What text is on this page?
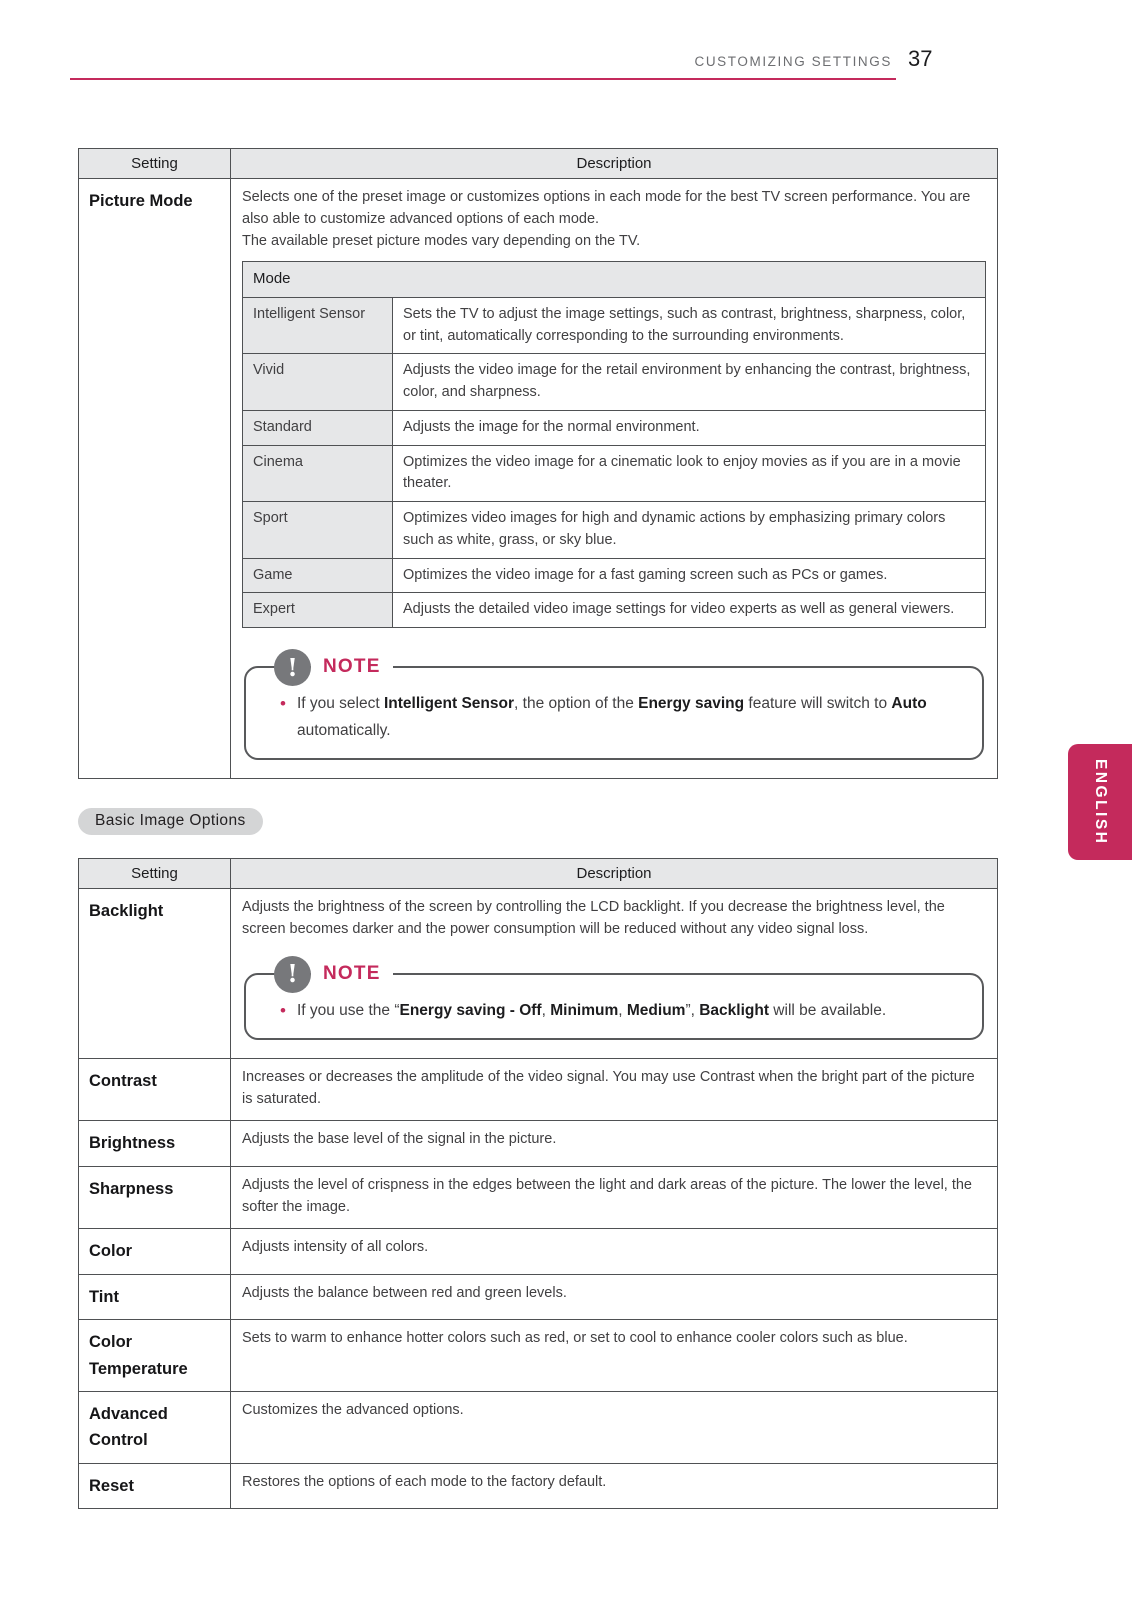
CUSTOMIZING SETTINGS 37
Setting	Description
Picture Mode	Selects one of the preset image or customizes options in each mode for the best TV screen performance. You are also able to customize advanced options of each mode.
The available preset picture modes vary depending on the TV.
Mode
Intelligent Sensor	Sets the TV to adjust the image settings, such as contrast, brightness, sharpness, color, or tint, automatically corresponding to the surrounding environments.
Vivid	Adjusts the video image for the retail environment by enhancing the contrast, brightness, color, and sharpness.
Standard	Adjusts the image for the normal environment.
Cinema	Optimizes the video image for a cinematic look to enjoy movies as if you are in a movie theater.
Sport	Optimizes video images for high and dynamic actions by emphasizing primary colors such as white, grass, or sky blue.
Game	Optimizes the video image for a fast gaming screen such as PCs or games.
Expert	Adjusts the detailed video image settings for video experts as well as general viewers.
!	NOTE
•
If you select Intelligent Sensor, the option of the Energy saving feature will switch to Auto automatically.
Basic Image Options
Setting	Description
Backlight	Adjusts the brightness of the screen by controlling the LCD backlight. If you decrease the brightness level, the screen becomes darker and the power consumption will be reduced without any video signal loss.
! NOTE
•
If you use the “Energy saving - Off, Minimum, Medium”, Backlight will be available.

Contrast	Increases or decreases the amplitude of the video signal. You may use Contrast when the bright part of the picture is saturated.
Brightness	Adjusts the base level of the signal in the picture.
Sharpness	Adjusts the level of crispness in the edges between the light and dark areas of the picture. The lower the level, the softer the image.
Color	Adjusts intensity of all colors.
Tint	Adjusts the balance between red and green levels.
Color Temperature	Sets to warm to enhance hotter colors such as red, or set to cool to enhance cooler colors such as blue.
Advanced Control	Customizes the advanced options.
Reset	Restores the options of each mode to the factory default.
ENGLISH
